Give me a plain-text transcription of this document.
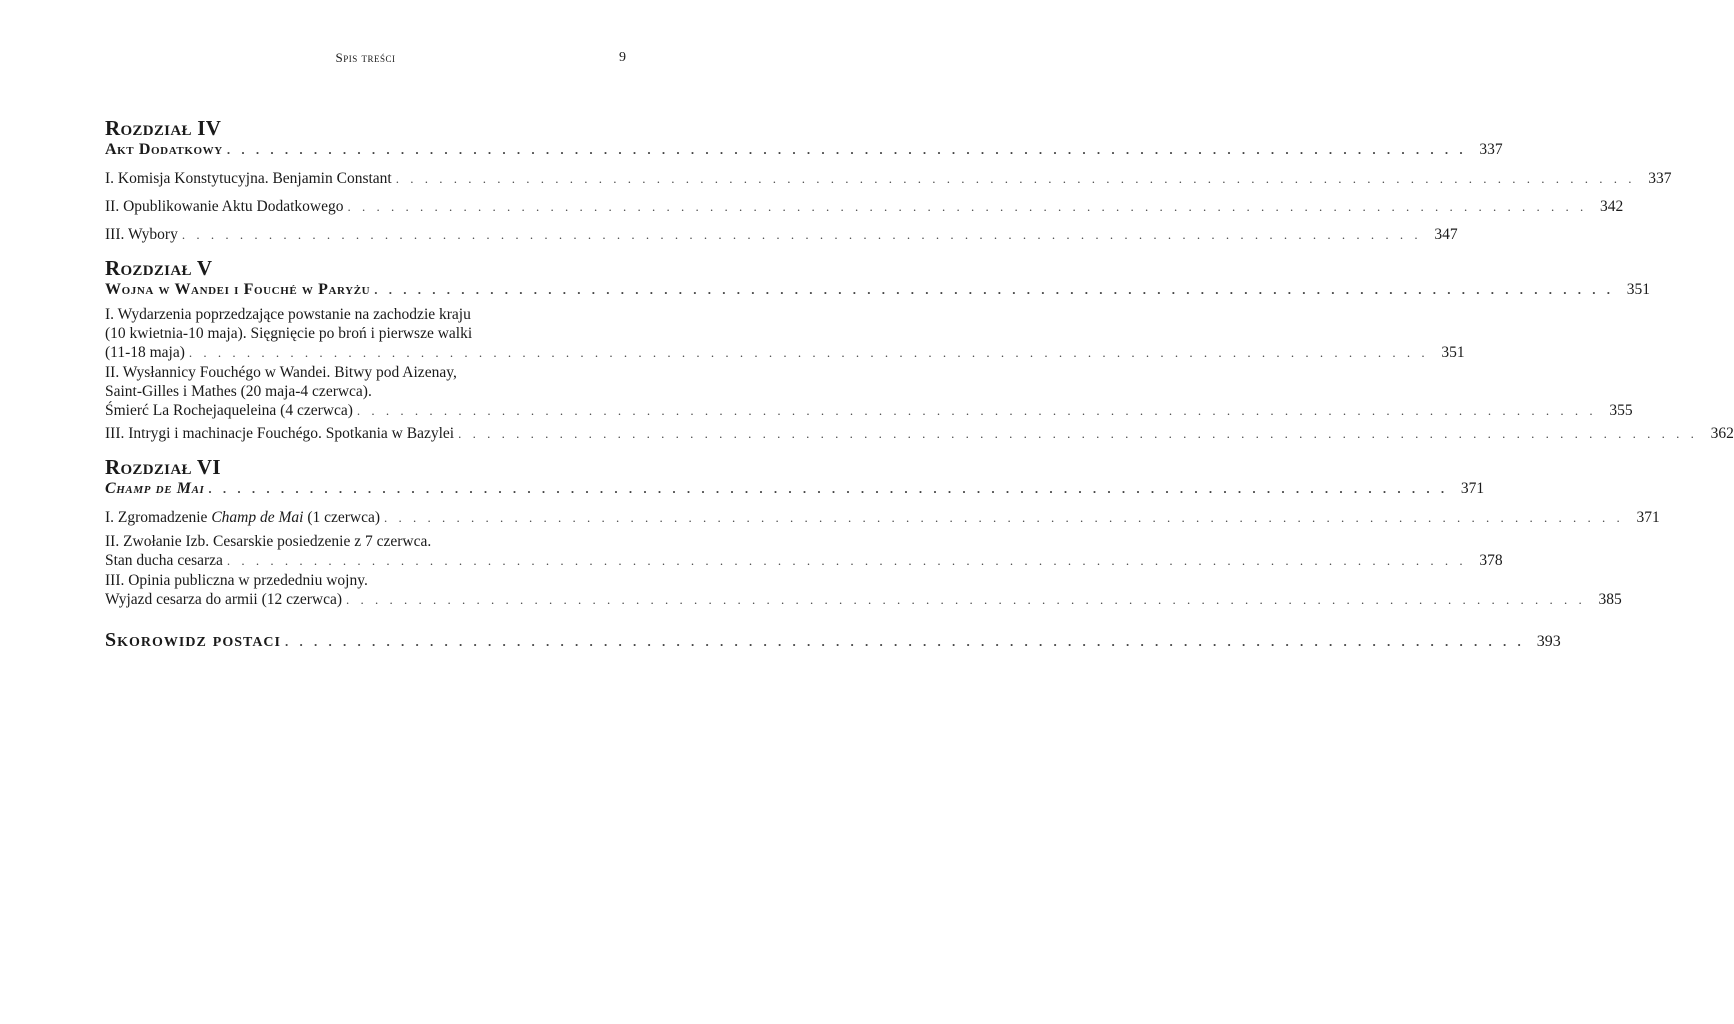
Spis treści	9
Rozdział IV
Akt Dodatkowy . . . . . . . . . . . . . . . . . . . . . . . . . . . . . . . . . . . . . . . . . . . . . . . . . . . . . . . . . . . . . . . . . . . . . . . . . . . . . . . . . . . . . . 337
I. Komisja Konstytucyjna. Benjamin Constant . . . . . . . . . . . . . . . . . . . . . . . . . . . . . . . . . . . . . . . . . . . . . . . . . . . . . . . . . . . . . . . . . . . . . . . . . . . . . . . . . . . . . . 337
II. Opublikowanie Aktu Dodatkowego . . . . . . . . . . . . . . . . . . . . . . . . . . . . . . . . . . . . . . . . . . . . . . . . . . . . . . . . . . . . . . . . . . . . . . . . . . . . . . . . . . . . . . 342
III. Wybory . . . . . . . . . . . . . . . . . . . . . . . . . . . . . . . . . . . . . . . . . . . . . . . . . . . . . . . . . . . . . . . . . . . . . . . . . . . . . . . . . . . . . . 347
Rozdział V
Wojna w Wandei i Fouché w Paryżu . . . . . . . . . . . . . . . . . . . . . . . . . . . . . . . . . . . . . . . . . . . . . . . . . . . . . . . . . . . . . . . . . . . . . . . . . . . . . . . . . . . . . . 351
I. Wydarzenia poprzedzające powstanie na zachodzie kraju
(10 kwietnia-10 maja). Sięgnięcie po broń i pierwsze walki
(11-18 maja) . . . . . . . . . . . . . . . . . . . . . . . . . . . . . . . . . . . . . . . . . . . . . . . . . . . . . . . . . . . . . . . . . . . . . . . . . . . . . . . . . . . . . . 351
II. Wysłannicy Fouchégo w Wandei. Bitwy pod Aizenay,
Saint-Gilles i Mathes (20 maja-4 czerwca).
Śmierć La Rochejaqueleina (4 czerwca) . . . . . . . . . . . . . . . . . . . . . . . . . . . . . . . . . . . . . . . . . . . . . . . . . . . . . . . . . . . . . . . . . . . . . . . . . . . . . . . . . . . . . . 355
III. Intrygi i machinacje Fouchégo. Spotkania w Bazylei . . . . . . . . . . . . . . . . . . . . . . . . . . . . . . . . . . . . . . . . . . . . . . . . . . . . . . . . . . . . . . . . . . . . . . . . . . . . . . . . . . . . . . 362
Rozdział VI
Champ de Mai . . . . . . . . . . . . . . . . . . . . . . . . . . . . . . . . . . . . . . . . . . . . . . . . . . . . . . . . . . . . . . . . . . . . . . . . . . . . . . . . . . . . . . 371
I. Zgromadzenie Champ de Mai (1 czerwca) . . . . . . . . . . . . . . . . . . . . . . . . . . . . . . . . . . . . . . . . . . . . . . . . . . . . . . . . . . . . . . . . . . . . . . . . . . . . . . . . . . . . . . 371
II. Zwołanie Izb. Cesarskie posiedzenie z 7 czerwca.
Stan ducha cesarza . . . . . . . . . . . . . . . . . . . . . . . . . . . . . . . . . . . . . . . . . . . . . . . . . . . . . . . . . . . . . . . . . . . . . . . . . . . . . . . . . . . . . . 378
III. Opinia publiczna w przededniu wojny.
Wyjazd cesarza do armii (12 czerwca) . . . . . . . . . . . . . . . . . . . . . . . . . . . . . . . . . . . . . . . . . . . . . . . . . . . . . . . . . . . . . . . . . . . . . . . . . . . . . . . . . . . . . . 385
Skorowidz postaci . . . . . . . . . . . . . . . . . . . . . . . . . . . . . . . . . . . . . . . . . . . . . . . . . . . . . . . . . . . . . . . . . . . . . . . . . . . . . . . . . . . . . . 393
